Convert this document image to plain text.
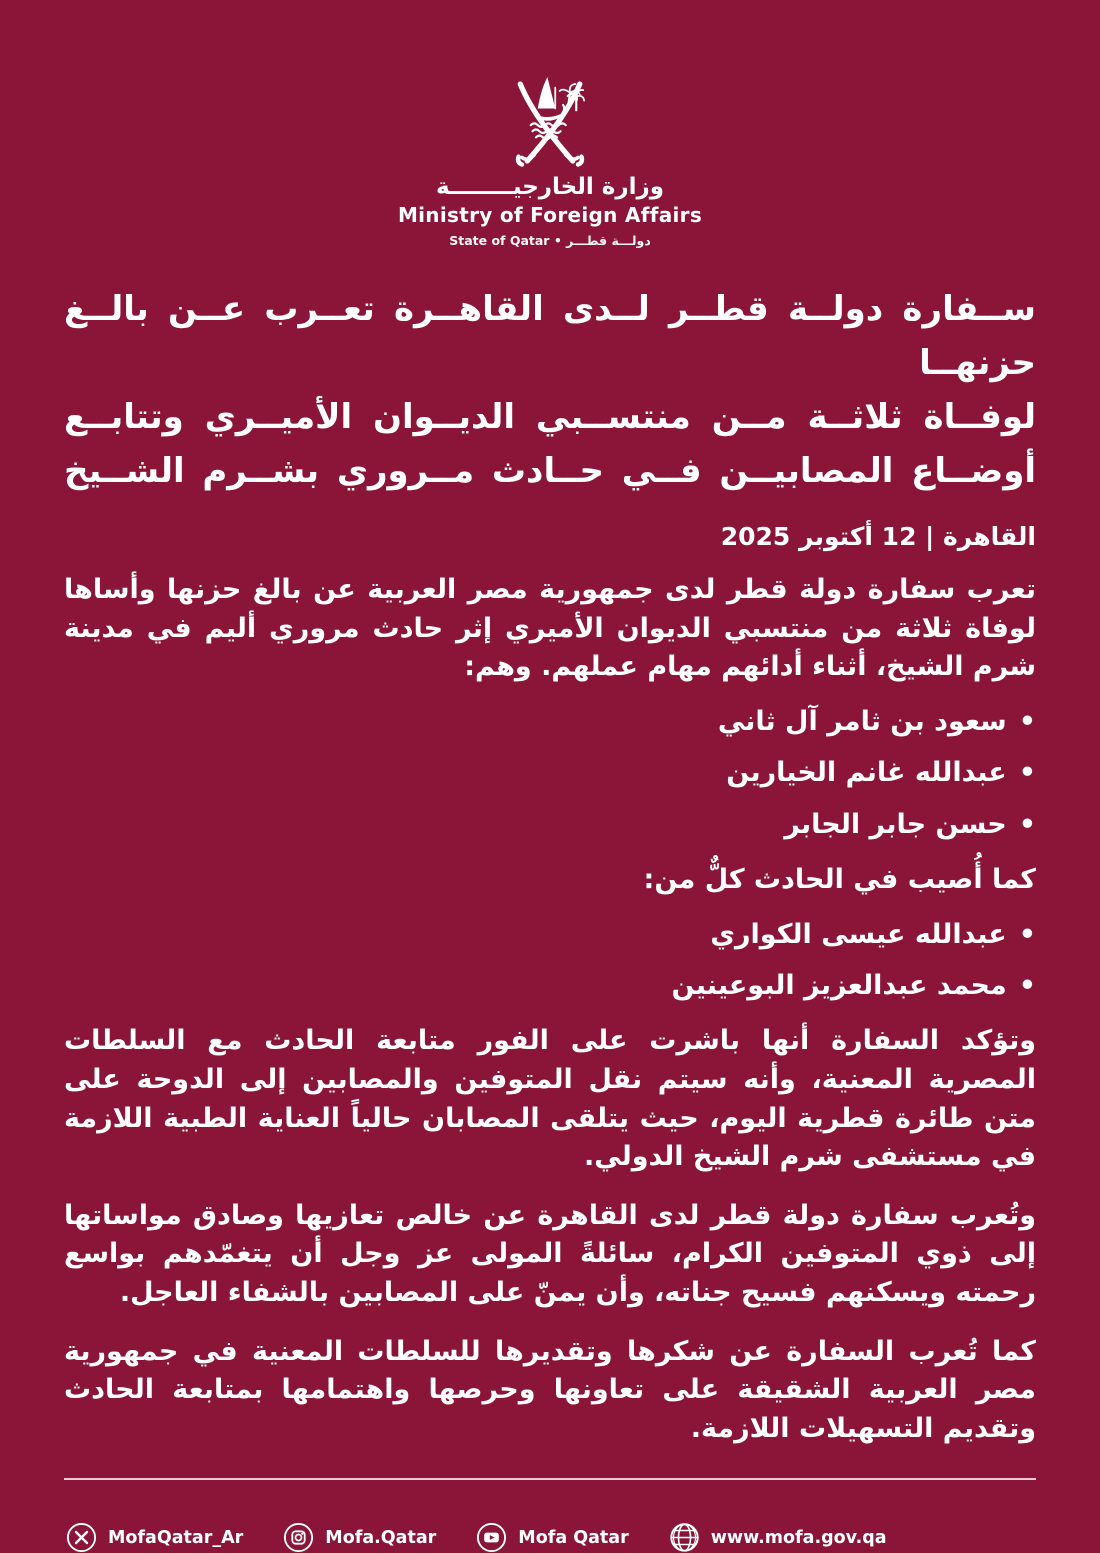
وزارة الخارجيــــــــة
Ministry of Foreign Affairs
دولـــة قطـــر • State of Qatar
ســفارة دولــة قطــر لــدى القاهــرة تعــرب عــن بالــغ حزنهــا
لوفــاة ثلاثــة مــن منتســبي الديــوان الأميــري وتتابــع
أوضــاع المصابيــن فــي حــادث مــروري بشــرم الشــيخ
القاهرة | 12 أكتوبر 2025
تعرب سفارة دولة قطر لدى جمهورية مصر العربية عن بالغ حزنها وأساها لوفاة ثلاثة من منتسبي الديوان الأميري إثر حادث مروري أليم في مدينة شرم الشيخ، أثناء أدائهم مهام عملهم. وهم:
• سعود بن ثامر آل ثاني
• عبدالله غانم الخيارين
• حسن جابر الجابر
كما أُصيب في الحادث كلٌّ من:
• عبدالله عيسى الكواري
• محمد عبدالعزيز البوعينين
وتؤكد السفارة أنها باشرت على الفور متابعة الحادث مع السلطات المصرية المعنية، وأنه سيتم نقل المتوفين والمصابين إلى الدوحة على متن طائرة قطرية اليوم، حيث يتلقى المصابان حالياً العناية الطبية اللازمة في مستشفى شرم الشيخ الدولي.
وتُعرب سفارة دولة قطر لدى القاهرة عن خالص تعازيها وصادق مواساتها إلى ذوي المتوفين الكرام، سائلةً المولى عز وجل أن يتغمّدهم بواسع رحمته ويسكنهم فسيح جناته، وأن يمنّ على المصابين بالشفاء العاجل.
كما تُعرب السفارة عن شكرها وتقديرها للسلطات المعنية في جمهورية مصر العربية الشقيقة على تعاونها وحرصها واهتمامها بمتابعة الحادث وتقديم التسهيلات اللازمة.
MofaQatar_Ar	Mofa.Qatar	Mofa Qatar	www.mofa.gov.qa
